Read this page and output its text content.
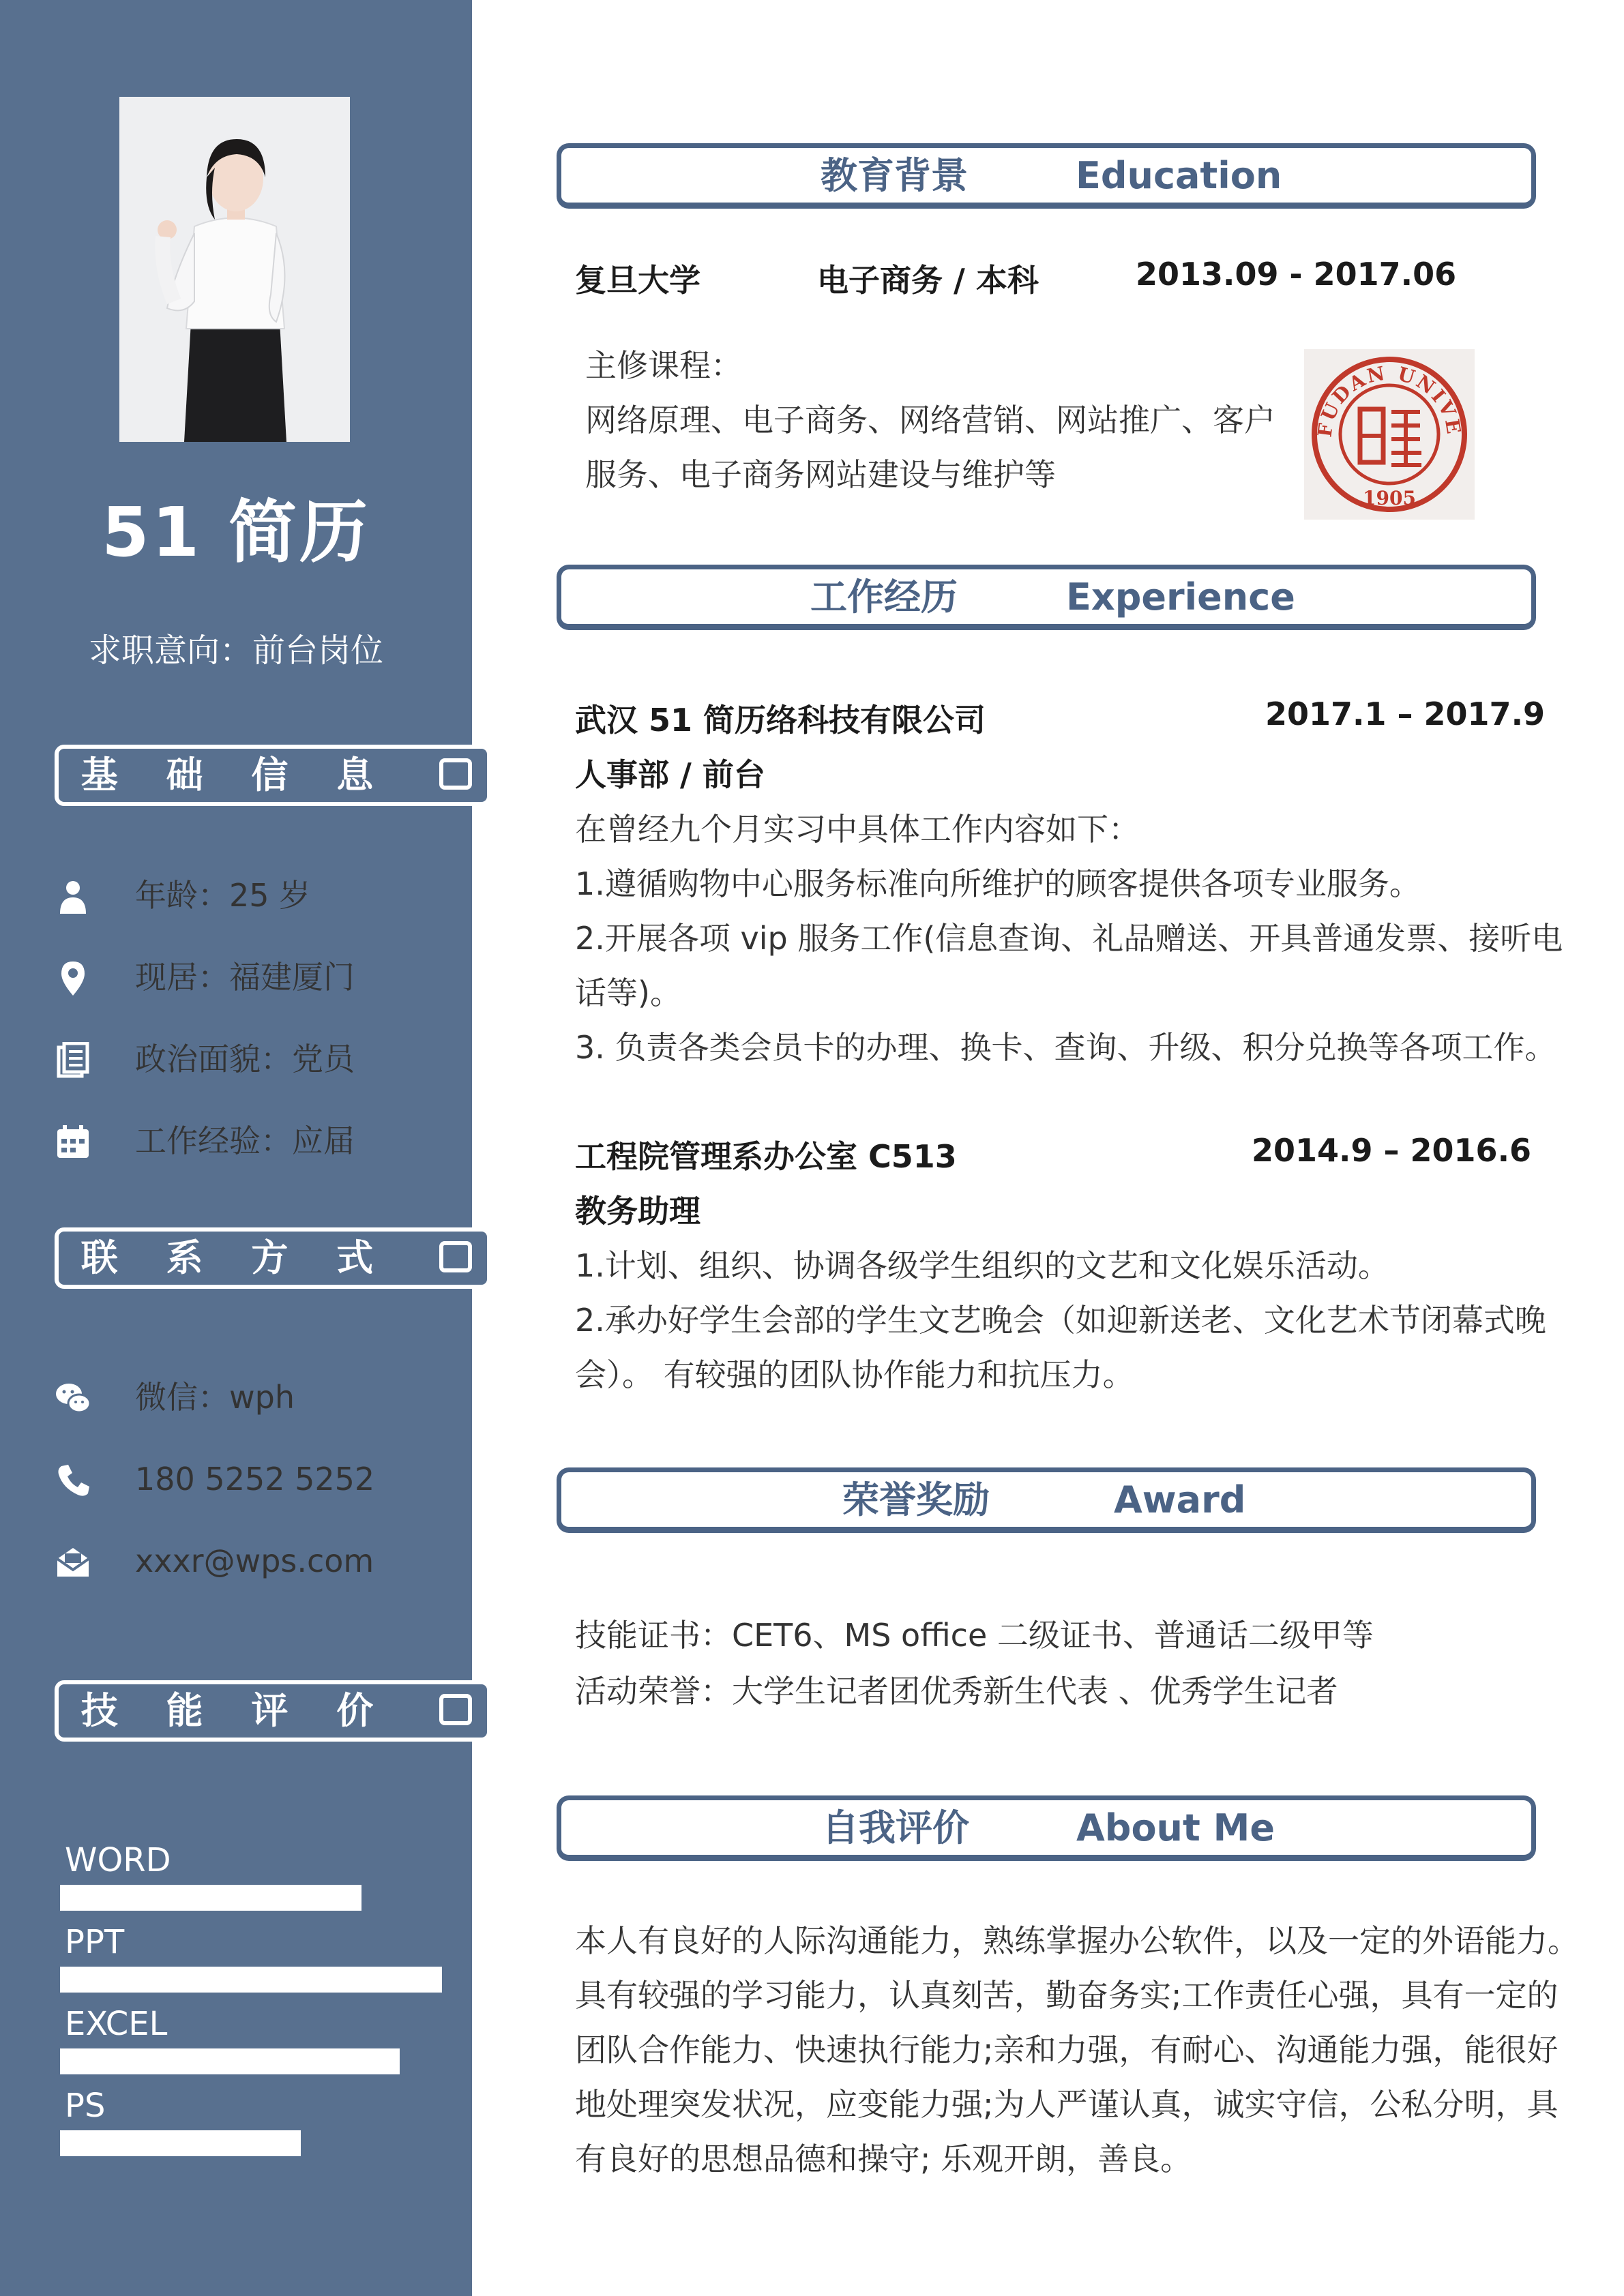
51 简历
求职意向：前台岗位
基 础 信 息
年龄：25 岁
现居：福建厦门
政治面貌：党员
工作经验：应届
联 系 方 式
微信：wph
180 5252 5252
xxxr@wps.com
技 能 评 价
WORD
PPT
EXCEL
PS
教育背景	Education
复旦大学	电子商务 / 本科	2013.09 - 2017.06
主修课程：
网络原理、电子商务、网络营销、网站推广、客户
服务、电子商务网站建设与维护等
FUDAN UNIVE
1905
工作经历	Experience
武汉 51 简历络科技有限公司	2017.1 – 2017.9
人事部 / 前台
在曾经九个月实习中具体工作内容如下：
1.遵循购物中心服务标准向所维护的顾客提供各项专业服务。
2.开展各项 vip 服务工作(信息查询、礼品赠送、开具普通发票、接听电
话等)。
3. 负责各类会员卡的办理、换卡、查询、升级、积分兑换等各项工作。
工程院管理系办公室 C513	2014.9 – 2016.6
教务助理
1.计划、组织、协调各级学生组织的文艺和文化娱乐活动。
2.承办好学生会部的学生文艺晚会（如迎新送老、文化艺术节闭幕式晚
会）。 有较强的团队协作能力和抗压力。
荣誉奖励	Award
技能证书：CET6、MS office 二级证书、普通话二级甲等
活动荣誉：大学生记者团优秀新生代表 、优秀学生记者
自我评价	About Me
本人有良好的人际沟通能力，熟练掌握办公软件，以及一定的外语能力。
具有较强的学习能力，认真刻苦，勤奋务实;工作责任心强，具有一定的
团队合作能力、快速执行能力;亲和力强，有耐心、沟通能力强，能很好
地处理突发状况，应变能力强;为人严谨认真，诚实守信，公私分明，具
有良好的思想品德和操守; 乐观开朗，善良。
